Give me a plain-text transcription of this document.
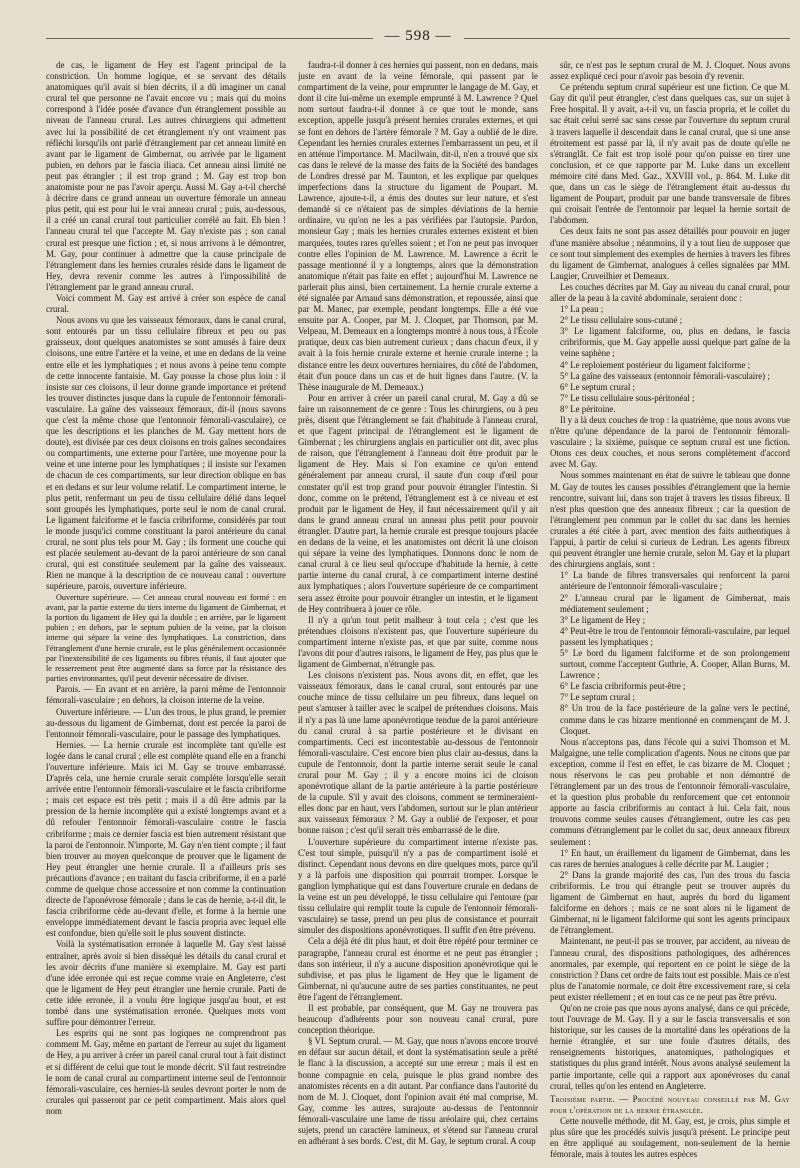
— 598 —

de cas, le ligament de Hey est l'agent principal de la constriction. Un homme logique, et se servant des détails anatomiques qu'il avait si bien décrits, il a dû imaginer un canal crural tel que personne ne l'avait encore vu ; mais qui du moins correspond à l'idée posée d'avance d'un étranglement possible au niveau de l'anneau crural. Les autres chirurgiens qui admettent avec lui la possibilité de cet étranglement n'y ont vraiment pas réfléchi lorsqu'ils ont parlé d'étranglement par cet anneau limité en avant par le ligament de Gimbernat, ou arrivée par le ligament pubien, en dehors par le fascia iliaca. Cet anneau ainsi limité ne peut pas étrangler ; il est trop grand ; M. Gay est trop bon anatomiste pour ne pas l'avoir aperçu. Aussi M. Gay a-t-il cherché à décrire dans ce grand anneau un ouverture fémorale un anneau plus petit, qui est pour lui le vrai anneau crural ; puis, au-dessous, il a créé un canal crural tout particulier corrélé au fait. Eh bien ! l'anneau crural tel que l'accepte M. Gay n'existe pas ; son canal crural est presque une fiction ; et, si nous arrivons à le démontrer, M. Gay, pour continuer à admettre que la cause principale de l'étranglement dans les hernies crurales réside dans le ligament de Hey, devra revenir comme les autres à l'impossibilité de l'étranglement par le grand anneau crural.

Voici comment M. Gay est arrivé à créer son espèce de canal crural.

Nous avons vu que les vaisseaux fémoraux, dans le canal crural, sont entourés par un tissu cellulaire fibreux et peu ou pas graisseux, dont quelques anatomistes se sont amusés à faire deux cloisons, une entre l'artère et la veine, et une en dedans de la veine entre elle et les lymphatiques ; et nous avons à peine tenu compte de cette innocente fantaisie. M. Gay pousse la chose plus loin : il insiste sur ces cloisons, il leur donne grande importance et prétend les trouver distinctes jusque dans la cupule de l'entonnoir fémorali-vasculaire. La gaîne des vaisseaux fémoraux, dit-il (nous savons que c'est la même chose que l'entonnoir fémorali-vasculaire), ce que les descriptions et les planches de M. Gay mettent hors de doute), est divisée par ces deux cloisons en trois gaînes secondaires ou compartiments, une externe pour l'artère, une moyenne pour la veine et une interne pour les lymphatiques ; il insiste sur l'examen de chacun de ces compartiments, sur leur direction oblique en bas et en dedans et sur leur volume relatif. Le compartiment interne, le plus petit, renfermant un peu de tissu cellulaire délié dans lequel sont groupés les lymphatiques, porte seul le nom de canal crural. Le ligament falciforme et le fascia cribriforme, considérés par tout le monde jusqu'ici comme constituant la paroi antérieure du canal crural, ne sont plus tels pour M. Gay ; ils forment une couche qui est placée seulement au-devant de la paroi antérieure de son canal crural, qui est constituée seulement par la gaîne des vaisseaux. Rien ne manque à la description de ce nouveau canal : ouverture supérieure, parois, ouverture inférieure.

Ouverture supérieure. — Cet anneau crural nouveau est formé : en avant, par la partie externe du tiers interne du ligament de Gimbernat, et la portion du ligament de Hey qui la double ; en arrière, par le ligament pubien ; en dehors, par le septum pubien de la veine, par la cloison interne qui sépare la veine des lymphatiques. La constriction, dans l'étranglement d'une hernie crurale, est le plus généralement occasionnée par l'inextensibilité de ces ligaments ou fibres réunis, il faut ajouter que le resserrement peut être augmenté dans sa force par la résistance des parties environnantes, qu'il peut devenir nécessaire de diviser.

Parois. — En avant et en arrière, la paroi même de l'entonnoir fémorali-vasculaire ; en dehors, la cloison interne de la veine.

Ouverture inférieure. — L'un des trous, le plus grand, le premier au-dessous du ligament de Gimbernat, dont est percée la paroi de l'entonnoir fémorali-vasculaire, pour le passage des lymphatiques.

Hernies. — La hernie crurale est incomplète tant qu'elle est logée dans le canal crural ; elle est complète quand elle en a franchi l'ouverture inférieure. Mais ici M. Gay se trouve embarrassé. D'après cela, une hernie crurale serait complète lorsqu'elle serait arrivée entre l'entonnoir fémorali-vasculaire et le fascia cribriforme ; mais cet espace est très petit ; mais il a dû être admis par la pression de la hernie incomplète qui a existé longtemps avant et a dû refouler l'entonnoir fémorali-vasculaire contre le fascia cribriforme ; mais ce dernier fascia est bien autrement résistant que la paroi de l'entonnoir. N'importe, M. Gay n'en tient compte ; il faut bien trouver au moyen quelconque de prouver que le ligament de Hey peut étrangler une hernie crurale. Il a d'ailleurs pris ses précautions d'avance ; en traitant du fascia cribriforme, il en a parlé comme de quelque chose accessoire et non comme la continuation directe de l'aponévrose fémorale ; dans le cas de hernie, a-t-il dit, le fascia cribriforme cède au-devant d'elle, et forme à la hernie une enveloppe immédiatement devant le fascia propria avec lequel elle est confondue, bien qu'elle soit le plus souvent distincte.

Voilà la systématisation erronée à laquelle M. Gay s'est laissé entraîner, après avoir si bien disséqué les détails du canal crural et les avoir décrits d'une manière si exemplaire. M. Gay est parti d'une idée erronée qui est reçue comme vraie en Angleterre, c'est que le ligament de Hey peut étrangler une hernie crurale. Parti de cette idée erronée, il a voulu être logique jusqu'au bout, et est tombé dans une systématisation erronée. Quelques mots vont suffire pour démontrer l'erreur.

Les esprits qui ne sont pas logiques ne comprendront pas comment M. Gay, même en partant de l'erreur au sujet du ligament de Hey, a pu arriver à créer un pareil canal crural tout à fait distinct et si différent de celui que tout le monde décrit. S'il faut restreindre le nom de canal crural au compartiment interne seul de l'entonnoir fémorali-vasculaire, ces hernies-là seules devront porter le nom de crurales qui passeront par ce petit compartiment. Mais alors quel nom

faudra-t-il donner à ces hernies qui passent, non en dedans, mais juste en avant de la veine fémorale, qui passent par le compartiment de la veine, pour emprunter le langage de M. Gay, et dont il cite lui-même un exemple emprunté à M. Lawrence ? Quel nom surtout faudra-t-il donner à ce que tout le monde, sans exception, appelle jusqu'à présent hernies crurales externes, et qui se font en dehors de l'artère fémorale ? M. Gay a oublié de le dire. Cependant les hernies crurales externes l'embarrassent un peu, et il en atténue l'importance. M. Macilwain, dit-il, n'en a trouvé que six cas dans le relevé de la masse des faits de la Société des bandages de Londres dressé par M. Taunton, et les explique par quelques imperfections dans la structure du ligament de Poupart. M. Lawrence, ajoute-t-il, a émis des doutes sur leur nature, et s'est demandé si ce n'étaient pas de simples déviations de la hernie ordinaire, vu qu'on ne les a pas vérifiées par l'autopsie. Pardon, monsieur Gay ; mais les hernies crurales externes existent et bien marquées, toutes rares qu'elles soient ; et l'on ne peut pas invoquer contre elles l'opinion de M. Lawrence. M. Lawrence a écrit le passage mentionné il y a longtemps, alors que la démonstration anatomique n'était pas faite en effet ; aujourd'hui M. Lawrence ne parlerait plus ainsi, bien certainement. La hernie crurale externe a été signalée par Arnaud sans démonstration, et repoussée, ainsi que par M. Manec, par exemple, pendant longtemps. Elle a été vue ensuite par A. Cooper, par M. J. Cloquet, par Thomson, par M. Velpeau, M. Demeaux en a longtemps montré à nous tous, à l'École pratique, deux cas bien autrement curieux ; dans chacun d'eux, il y avait à la fois hernie crurale externe et hernie crurale interne ; la distance entre les deux ouvertures herniaires, du côté de l'abdomen, était d'un pouce dans un cas et de huit lignes dans l'autre. (V. la Thèse inaugurale de M. Demeaux.)

Pour en arriver à créer un pareil canal crural, M. Gay a dû se faire un raisonnement de ce genre : Tous les chirurgiens, ou à peu près, disent que l'étranglement se fait d'habitude à l'anneau crural, et que l'agent principal de l'étranglement est le ligament de Gimbernat ; les chirurgiens anglais en particulier ont dit, avec plus de raison, que l'étranglement à l'anneau doit être produit par le ligament de Hey. Mais si l'on examine ce qu'on entend généralement par anneau crural, il saute d'un coup d'œil pour constater qu'il est trop grand pour pouvoir étrangler l'intestin. Si donc, comme on le prétend, l'étranglement est à ce niveau et est produit par le ligament de Hey, il faut nécessairement qu'il y ait dans le grand anneau crural un anneau plus petit pour pouvoir étrangler. D'autre part, la hernie crurale est presque toujours placée en dedans de la veine, et les anatomistes ont décrit là une cloison qui sépare la veine des lymphatiques. Donnons donc le nom de canal crural à ce lieu seul qu'occupe d'habitude la hernie, à cette partie interne du canal crural, à ce compartiment interne destiné aux lymphatiques ; alors l'ouverture supérieure de ce compartiment sera assez étroite pour pouvoir étrangler un intestin, et le ligament de Hey contribuera à jouer ce rôle.

Il n'y a qu'un tout petit malheur à tout cela ; c'est que les prétendues cloisons n'existent pas, que l'ouverture supérieure du compartiment interne n'existe pas, et que par suite, comme nous l'avons dit pour d'autres raisons, le ligament de Hey, pas plus que le ligament de Gimbernat, n'étrangle pas.

Les cloisons n'existent pas. Nous avons dit, en effet, que les vaisseaux fémoraux, dans le canal crural, sont entourés par une couche mince de tissu cellulaire un peu fibreux, dans lequel on peut s'amuser à tailler avec le scalpel de prétendues cloisons. Mais il n'y a pas là une lame aponévrotique tendue de la paroi antérieure du canal crural à sa partie postérieure et le divisant en compartiments. Ceci est incontestable au-dessous de l'entonnoir fémorali-vasculaire. C'est encore bien plus clair au-dessus, dans la cupule de l'entonnoir, dont la partie interne serait seule le canal crural pour M. Gay ; il y a encore moins ici de cloison aponévrotique allant de la partie antérieure à la partie postérieure de la cupule. S'il y avait des cloisons, comment se termineraient-elles donc par en haut, vers l'abdomen, surtout sur le plan antérieur aux vaisseaux fémoraux ? M. Gay a oublié de l'exposer, et pour bonne raison ; c'est qu'il serait très embarrassé de le dire.

L'ouverture supérieure du compartiment interne n'existe pas. C'est tout simple, puisqu'il n'y a pas de compartiment isolé et distinct. Cependant nous devons en dire quelques mots, parce qu'il y a là parfois une disposition qui pourrait tromper. Lorsque le ganglion lymphatique qui est dans l'ouverture crurale en dedans de la veine est un peu développé, le tissu cellulaire qui l'entoure (par tissu cellulaire qui remplit toute la cupule de l'entonnoir fémorali-vasculaire) se tasse, prend un peu plus de consistance et pourrait simuler des dispositions aponévrotiques. Il suffit d'en être prévenu.

Cela a déjà été dit plus haut, et doit être répété pour terminer ce paragraphe, l'anneau crural est énorme et ne peut pas étrangler ; dans son intérieur, il n'y a aucune disposition aponévrotique qui le subdivise, et pas plus le ligament de Hey que le ligament de Gimbernat, ni qu'aucune autre de ses parties constituantes, ne peut être l'agent de l'étranglement.

Il est probable, par conséquent, que M. Gay ne trouvera pas beaucoup d'adhérents pour son nouveau canal crural, pure conception théorique.

§ VI. Septum crural. — M. Gay, que nous n'avons encore trouvé en défaut sur aucun détail, et dont la systématisation seule a prêté le flanc à la discussion, a accepté sur une erreur ; mais il est en bonne compagnie en cela, puisque le plus grand nombre des anatomistes récents en a dit autant. Par confiance dans l'autorité du nom de M. J. Cloquet, dont l'opinion avait été mal comprise, M. Gay, comme les autres, surajoute au-dessus de l'entonnoir fémorali-vasculaire une lame de tissu aréolaire qui, chez certains sujets, prend un caractère lamineux, et s'étend sur l'anneau crural en adhérant à ses bords. C'est, dit M. Gay, le septum crural. A coup

sûr, ce n'est pas le septum crural de M. J. Cloquet. Nous avons assez expliqué ceci pour n'avoir pas besoin d'y revenir.

Ce prétendu septum crural supérieur est une fiction. Ce que M. Gay dit qu'il peut étrangler, c'est dans quelques cas, sur un sujet à Free hospital. Il y avait, a-t-il vu, un fascia propria, et le collet du sac était celui serré sac sans cesse par l'ouverture du septum crural à travers laquelle il descendait dans le canal crural, que si une anse étroitement est passé par là, il n'y avait pas de doute qu'elle ne s'étranglât. Ce fait est trop isolé pour qu'on puisse en tirer une conclusion, et ce que rapporte par M. Luke dans un excellent mémoire cité dans Med. Gaz., XXVIII vol., p. 864. M. Luke dit que, dans un cas le siège de l'étranglement était au-dessus du ligament de Poupart, produit par une bande transversale de fibres qui croisait l'entrée de l'entonnoir par lequel la hernie sortait de l'abdomen.

Ces deux faits ne sont pas assez détaillés pour pouvoir en juger d'une manière absolue ; néanmoins, il y a tout lieu de supposer que ce sont tout simplement des exemples de hernies à travers les fibres du ligament de Gimbernat, analogues à celles signalées par MM. Laugier, Cruveilhier et Demeaux.

Les couches décrites par M. Gay au niveau du canal crural, pour aller de la peau à la cavité abdominale, seraient donc :

1° La peau ;

2° Le tissu cellulaire sous-cutané ;

3° Le ligament falciforme, ou, plus en dedans, le fascia cribriformis, que M. Gay appelle aussi quelque part gaîne de la veine saphène ;

4° Le reploiement postérieur du ligament falciforme ;

5° La gaîne des vaisseaux (entonnoir fémorali-vasculaire) ;

6° Le septum crural ;

7° Le tissu cellulaire sous-péritonéal ;

8° Le péritoine.

Il y a là deux couches de trop : la quatrième, que nous avons vue n'être qu'une dépendance de la paroi de l'entonnoir fémorali-vasculaire ; la sixième, puisque ce septum crural est une fiction. Otons ces deux couches, et nous serons complètement d'accord avec M. Gay.

Nous sommes maintenant en état de suivre le tableau que donne M. Gay de toutes les causes possibles d'étranglement que la hernie rencontre, suivant lui, dans son trajet à travers les tissus fibreux. Il n'est plus question que des anneaux fibreux ; car la question de l'étranglement peu commun par le collet du sac dans les hernies crurales a été citée à part, avec mention des faits authentiques à l'appui, à partir de celui si curieux de Ledran. Les agents fibreux qui peuvent étrangler une hernie crurale, selon M. Gay et la plupart des chirurgiens anglais, sont :

1° La bande de fibres transversales qui renforcent la paroi antérieure de l'entonnoir fémorali-vasculaire ;

2° L'anneau crural par le ligament de Gimbernat, mais médiatement seulement ;

3° Le ligament de Hey ;

4° Peut-être le trou de l'entonnoir fémorali-vasculaire, par lequel passent les lymphatiques ;

5° Le bord du ligament falciforme et de son prolongement surtout, comme l'acceptent Guthrie, A. Cooper, Allan Burns, M. Lawrence ;

6° Le fascia cribriformis peut-être ;

7° Le septum crural ;

8° Un trou de la face postérieure de la gaîne vers le pectiné, comme dans le cas bizarre mentionné en commençant de M. J. Cloquet.

Nous n'acceptons pas, dans l'école qui a suivi Thomson et M. Malgaigne, une telle complication d'agents. Nous ne citons que par exception, comme il l'est en effet, le cas bizarre de M. Cloquet ; nous réservons le cas peu probable et non démontré de l'étranglement par un des trous de l'entonnoir fémorali-vasculaire, et la question plus probable du renforcement que cet entonnoir apporte au fascia cribriformis au contact à lui. Cela fait, nous trouvons comme seules causes d'étranglement, outre les cas peu communs d'étranglement par le collet du sac, deux anneaux fibreux seulement :

1° En haut, un éraillement du ligament de Gimbernat, dans les cas rares de hernies analogues à celle décrite par M. Laugier ;

2° Dans la grande majorité des cas, l'un des trous du fascia cribriformis. Le trou qui étrangle peut se trouver auprès du ligament de Gimbernat en haut, auprès du bord du ligament falciforme en dehors ; mais ce ne sont alors ni le ligament de Gimbernat, ni le ligament falciforme qui sont les agents principaux de l'étranglement.

Maintenant, ne peut-il pas se trouver, par accident, au niveau de l'anneau crural, des dispositions pathologiques, des adhérences anormales, par exemple, qui reportent en ce point le siège de la constriction ? Dans cet ordre de faits tout est possible. Mais ce n'est plus de l'anatomie normale, ce doit être excessivement rare, si cela peut exister réellement ; et en tout cas ce ne peut pas être prévu.

Qu'on ne croie pas que nous ayons analysé, dans ce qui précède, tout l'ouvrage de M. Gay. Il y a sur le fascia transversalis et son historique, sur les causes de la mortalité dans les opérations de la hernie étranglée, et sur une foule d'autres détails, des renseignements historiques, anatomiques, pathologiques et statistiques du plus grand intérêt. Nous avons analysé seulement la partie importante, celle qui a rapport aux aponévroses du canal crural, telles qu'on les entend en Angleterre.

Troisième partie. — Procédé nouveau conseillé par M. Gay pour l'opération de la hernie étranglée.

Cette nouvelle méthode, dit M. Gay, est, je crois, plus simple et plus sûre que les procédés suivis jusqu'à présent. Le principe peut en être appliqué au soulagement, non-seulement de la hernie fémorale, mais à toutes les autres espèces
